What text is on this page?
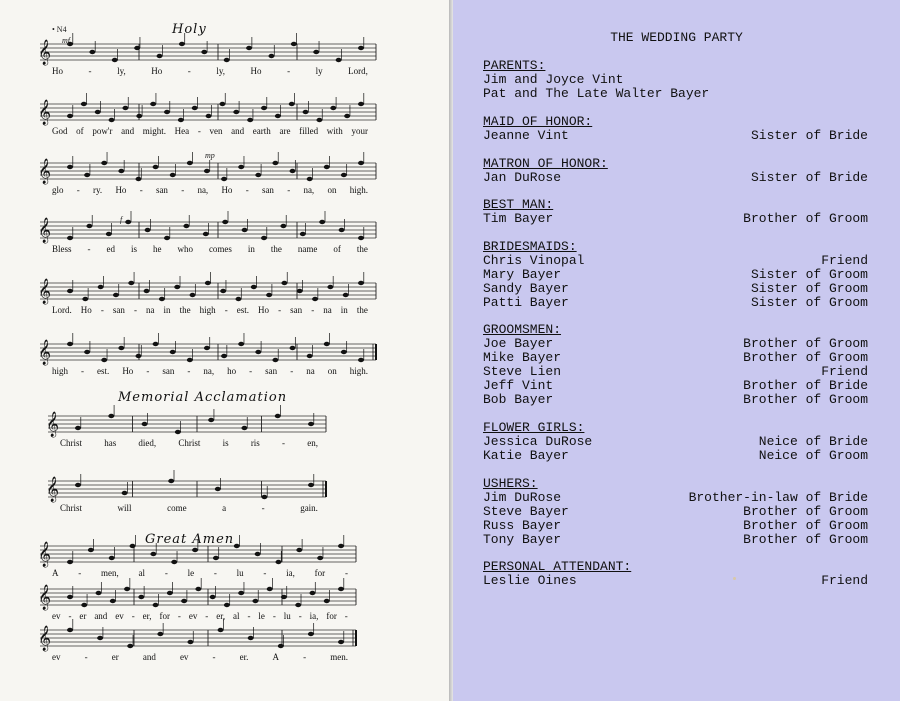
𝄞
𝄞
𝄞
𝄞
𝄞
𝄞
𝄞
𝄞
𝄞
𝄞
𝄞
Holy
• N4
mf
mp
f
Memorial Acclamation
Great Amen
Ho	-	ly,	Ho	-	ly,	Ho	-	ly	Lord,
God of pow'r and might. Hea - ven and earth are filled with your
glo - ry. Ho - san - na, Ho - san - na, on high.
Bless - ed is he who comes in the name of the
Lord. Ho - san - na in the high - est. Ho - san - na in the
high - est. Ho - san - na, ho - san - na on high.
Christ has died, Christ is ris - en,
Christ	will	come	a	-	gain.
A - men, al - le - lu - ia, for -
ev - er and ev - er, for - ev - er, al - le - lu - ia, for -
ev	-	er	and	ev	-	er.	A	-	men.
THE WEDDING PARTY
PARENTS:
Jim and Joyce Vint
Pat and The Late Walter Bayer
MAID OF HONOR:
Jeanne Vint	Sister of Bride
MATRON OF HONOR:
Jan DuRose	Sister of Bride
BEST MAN:
Tim Bayer	Brother of Groom
BRIDESMAIDS:
Chris Vinopal	Friend
Mary Bayer	Sister of Groom
Sandy Bayer	Sister of Groom
Patti Bayer	Sister of Groom
GROOMSMEN:
Joe Bayer	Brother of Groom
Mike Bayer	Brother of Groom
Steve Lien	Friend
Jeff Vint	Brother of Bride
Bob Bayer	Brother of Groom
FLOWER GIRLS:
Jessica DuRose	Neice of Bride
Katie Bayer	Neice of Groom
USHERS:
Jim DuRose	Brother-in-law of Bride
Steve Bayer	Brother of Groom
Russ Bayer	Brother of Groom
Tony Bayer	Brother of Groom
PERSONAL ATTENDANT:
Leslie Oines	Friend
